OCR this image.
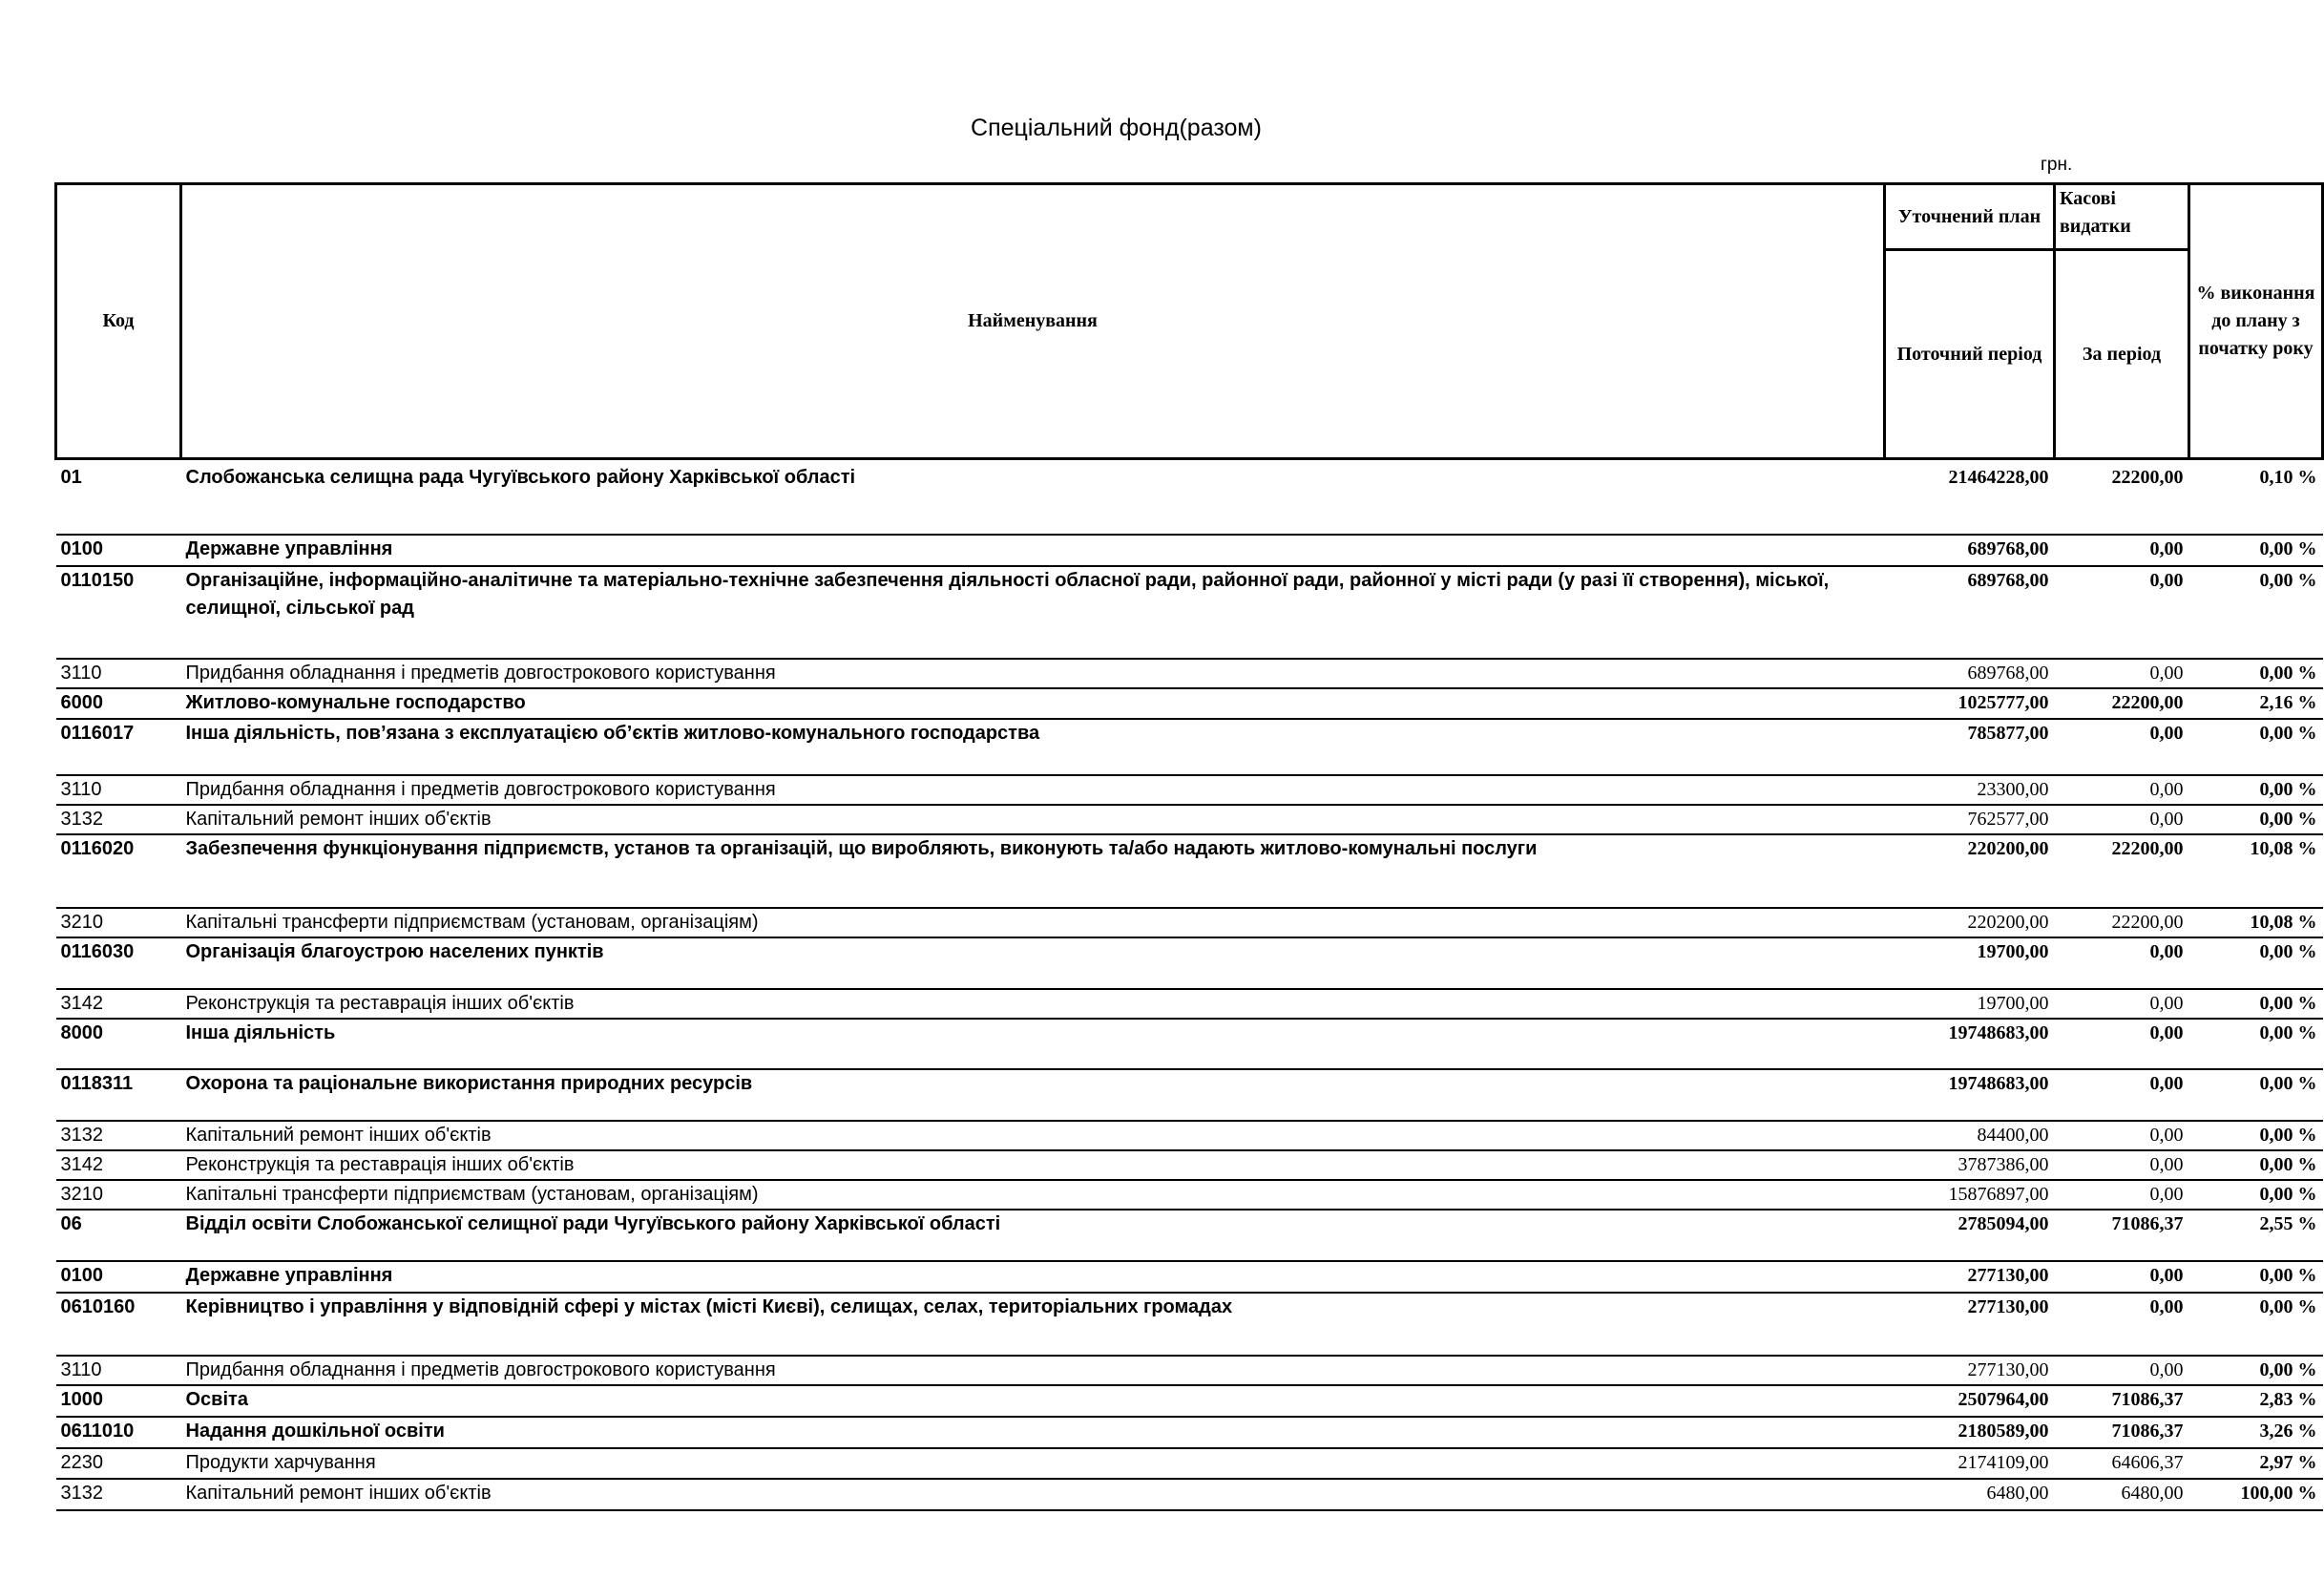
Спеціальний фонд(разом)
грн.
Код	Найменування	Уточнений план	Касові видатки	% виконання до плану з початку року
		Поточний період	За період	
01	Слобожанська селищна рада Чугуївського району Харківської області	21464228,00	22200,00	0,10 %
0100	Державне управління	689768,00	0,00	0,00 %
0110150	Організаційне, інформаційно-аналітичне та матеріально-технічне забезпечення діяльності обласної ради, районної ради, районної у місті ради (у разі її створення), міської, селищної, сільської рад	689768,00	0,00	0,00 %
3110	Придбання обладнання і предметів довгострокового користування	689768,00	0,00	0,00 %
6000	Житлово-комунальне господарство	1025777,00	22200,00	2,16 %
0116017	Інша діяльність, пов’язана з експлуатацією об’єктів житлово-комунального господарства	785877,00	0,00	0,00 %
3110	Придбання обладнання і предметів довгострокового користування	23300,00	0,00	0,00 %
3132	Капітальний ремонт інших об'єктів	762577,00	0,00	0,00 %
0116020	Забезпечення функціонування підприємств, установ та організацій, що виробляють, виконують та/або надають житлово-комунальні послуги	220200,00	22200,00	10,08 %
3210	Капітальні трансферти підприємствам (установам, організаціям)	220200,00	22200,00	10,08 %
0116030	Організація благоустрою населених пунктів	19700,00	0,00	0,00 %
3142	Реконструкція та реставрація інших об'єктів	19700,00	0,00	0,00 %
8000	Інша діяльність	19748683,00	0,00	0,00 %
0118311	Охорона та раціональне використання природних ресурсів	19748683,00	0,00	0,00 %
3132	Капітальний ремонт інших об'єктів	84400,00	0,00	0,00 %
3142	Реконструкція та реставрація інших об'єктів	3787386,00	0,00	0,00 %
3210	Капітальні трансферти підприємствам (установам, організаціям)	15876897,00	0,00	0,00 %
06	Відділ освіти Слобожанської селищної ради Чугуївського району Харківської області	2785094,00	71086,37	2,55 %
0100	Державне управління	277130,00	0,00	0,00 %
0610160	Керівництво і управління у відповідній сфері у містах (місті Києві), селищах, селах, територіальних громадах	277130,00	0,00	0,00 %
3110	Придбання обладнання і предметів довгострокового користування	277130,00	0,00	0,00 %
1000	Освіта	2507964,00	71086,37	2,83 %
0611010	Надання дошкільної освіти	2180589,00	71086,37	3,26 %
2230	Продукти харчування	2174109,00	64606,37	2,97 %
3132	Капітальний ремонт інших об'єктів	6480,00	6480,00	100,00 %
